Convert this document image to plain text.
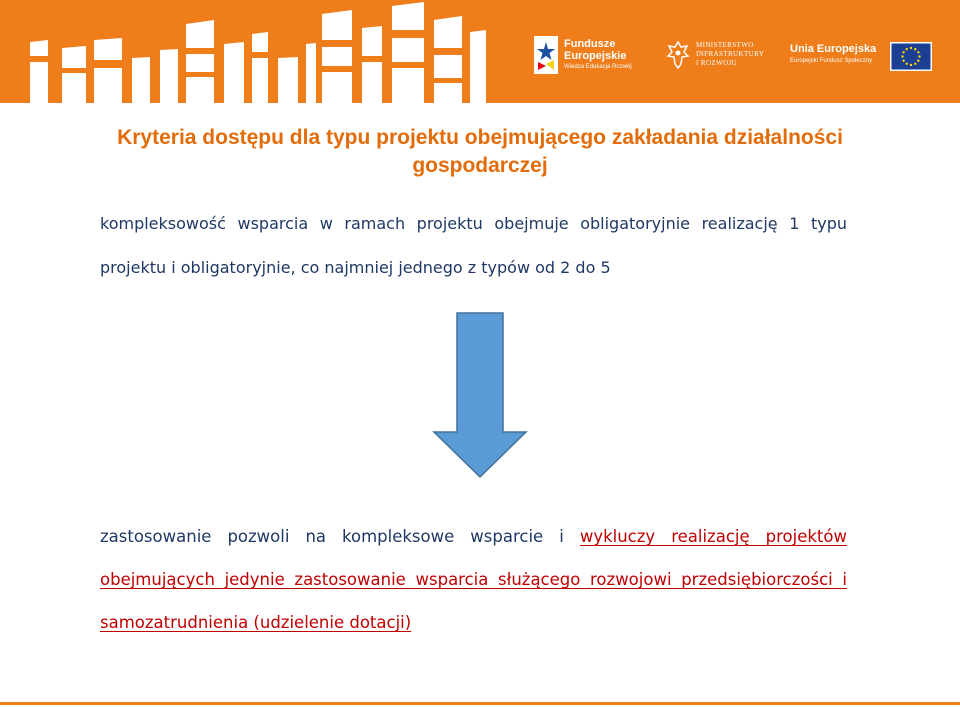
Fundusze
Europejskie
Wiedza Edukacja Rozwój
MINISTERSTWO
INFRASTRUKTURY
I ROZWOJU
Unia Europejska
Europejski Fundusz Społeczny
Kryteria dostępu dla typu projektu obejmującego zakładania działalności gospodarczej

kompleksowość wsparcia w ramach projektu obejmuje obligatoryjnie realizację 1 typu projektu i obligatoryjnie, co najmniej jednego z typów od 2 do 5

zastosowanie pozwoli na kompleksowe wsparcie i wykluczy realizację projektów obejmujących jedynie zastosowanie wsparcia służącego rozwojowi przedsiębiorczości i samozatrudnienia (udzielenie dotacji)
